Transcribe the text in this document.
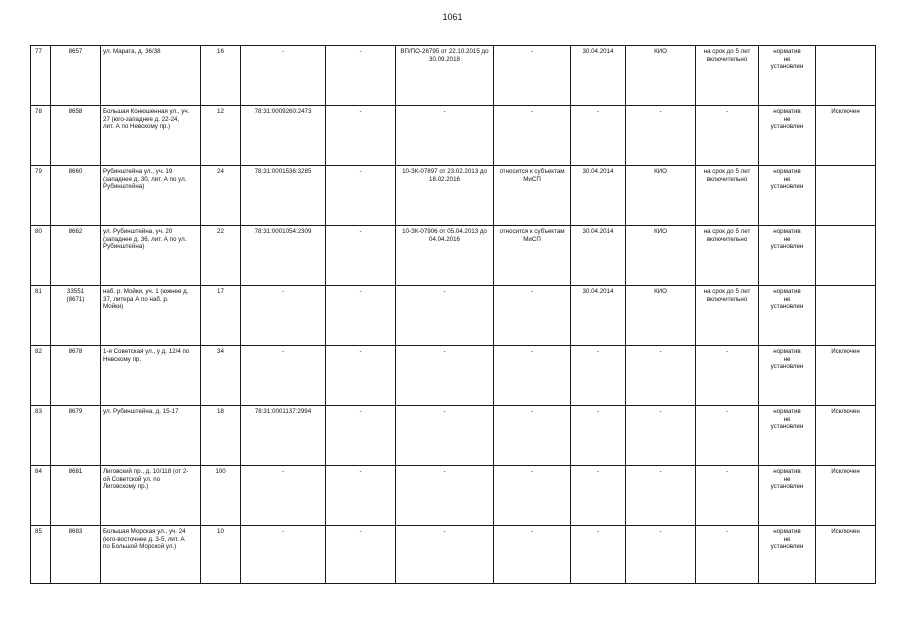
1061
77	8657	ул. Марата, д. 36/38	16	-	-	ВП/ПО-26795 от 22.10.2015 до
30.09.2018	-	30.04.2014	КИО	на срок до 5 лет
включительно	норматив
не
установлен	
78	8658	Большая Конюшенная ул., уч.
27 (юго-западнее д. 22-24,
лит. А по Невскому пр.)	12	78:31:0009260:2473	-	-	-	-	-	-	норматив
не
установлен	Исключен
79	8660	Рубинштейна ул., уч. 19
(западнее д. 30, лит. А по ул.
Рубинштейна)	24	78:31:0001536:3285	-	10-ЗК-07897 от 23.02.2013 до
18.02.2016	относится к субъектам
МиСП	30.04.2014	КИО	на срок до 5 лет
включительно	норматив
не
установлен	
80	8662	ул. Рубинштейна, уч. 20
(западнее д. 36, лит. А по ул.
Рубинштейна)	22	78:31:0001054:2309	-	10-ЗК-07906 от 05.04.2013 до
04.04.2016	относится к субъектам
МиСП	30.04.2014	КИО	на срок до 5 лет
включительно	норматив
не
установлен	
81	33551
(8671)	наб. р. Мойки, уч. 1 (южнее д.
37, литера А по наб. р.
Мойки)	17	-	-	-	-	30.04.2014	КИО	на срок до 5 лет
включительно	норматив
не
установлен	
82	8678	1-я Советская ул., у д. 12/4 по
Невскому пр.	34	-	-	-	-	-	-	-	норматив
не
установлен	Исключен
83	8679	ул. Рубинштейна, д. 15-17	18	78:31:0001137:2994	-	-	-	-	-	-	норматив
не
установлен	Исключен
84	8681	Лиговский пр., д. 10/118 (от 2-
ой Советской ул. по
Лиговскому пр.)	100	-	-	-	-	-	-	-	норматив
не
установлен	Исключен
85	8683	Большая Морская ул., уч. 24
(юго-восточнее д. 3-5, лит. А
по Большой Морской ул.)	10	-	-	-	-	-	-	-	норматив
не
установлен	Исключен
